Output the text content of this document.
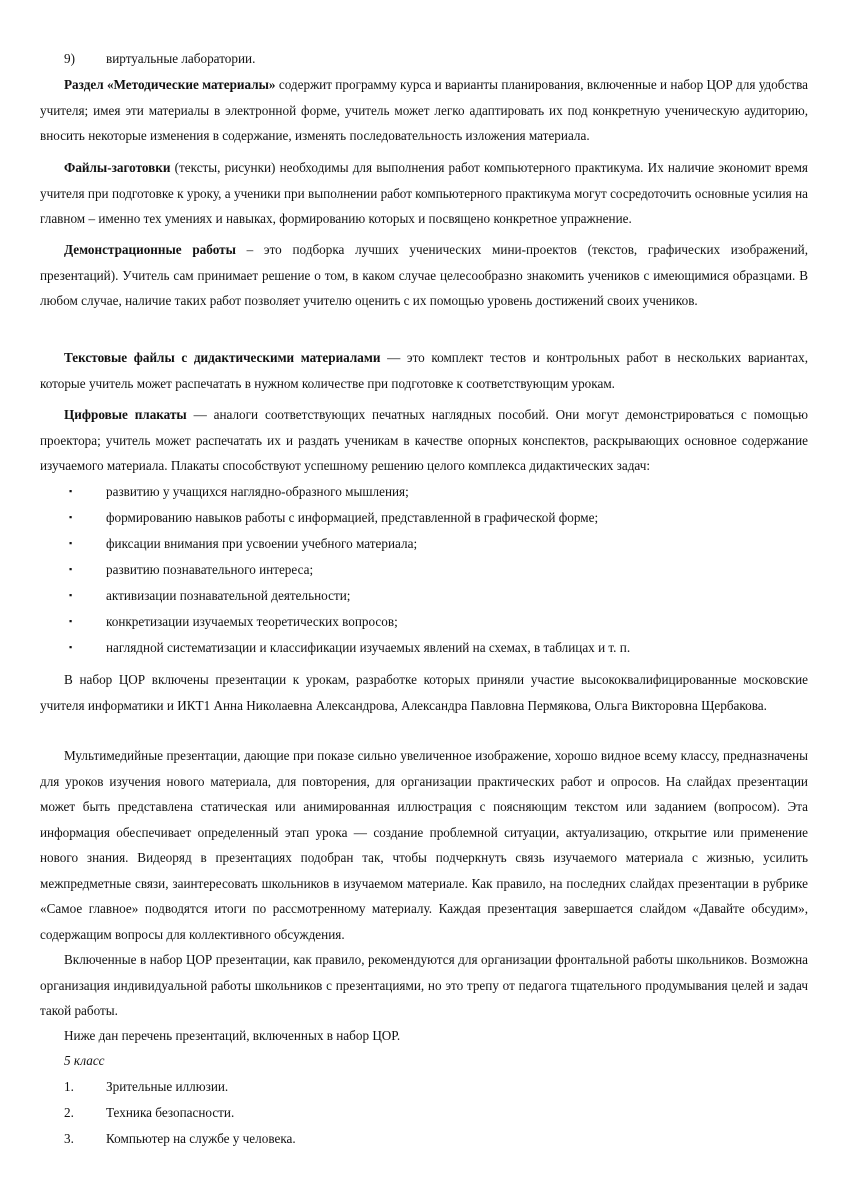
9) виртуальные лаборатории.

Раздел «Методические материалы» содержит программу курса и варианты планирования, включенные и набор ЦОР для удобства учителя; имея эти материалы в электронной форме, учитель может легко адаптировать их под конкретную ученическую аудиторию, вносить некоторые изменения в содержание, изменять последовательность изложения материала.

Файлы-заготовки (тексты, рисунки) необходимы для выполнения работ компьютерного практикума. Их наличие экономит время учителя при подготовке к уроку, а ученики при выполнении работ компьютерного практикума могут сосредоточить основные усилия на главном – именно тех умениях и навыках, формированию которых и посвящено конкретное упражнение.

Демонстрационные работы – это подборка лучших ученических мини-проектов (текстов, графических изображений, презентаций). Учитель сам принимает решение о том, в каком случае целесообразно знакомить учеников с имеющимися образцами. В любом случае, наличие таких работ позволяет учителю оценить с их помощью уровень достижений своих учеников.

Текстовые файлы с дидактическими материалами — это комплект тестов и контрольных работ в нескольких вариантах, которые учитель может распечатать в нужном количестве при подготовке к соответствующим урокам.

Цифровые плакаты — аналоги соответствующих печатных наглядных пособий. Они могут демонстрироваться с помощью проектора; учитель может распечатать их и раздать ученикам в качестве опорных конспектов, раскрывающих основное содержание изучаемого материала. Плакаты способствуют успешному решению целого комплекса дидактических задач:

▪	развитию у учащихся наглядно-образного мышления;
▪	формированию навыков работы с информацией, представленной в графической форме;
▪	фиксации внимания при усвоении учебного материала;
▪	развитию познавательного интереса;
▪	активизации познавательной деятельности;
▪	конкретизации изучаемых теоретических вопросов;
▪	наглядной систематизации и классификации изучаемых явлений на схемах, в таблицах и т. п.

В набор ЦОР включены презентации к урокам, разработке которых приняли участие высококвалифицированные московские учителя информатики и ИКТ1 Анна Николаевна Александрова, Александра Павловна Пермякова, Ольга Викторовна Щербакова.

Мультимедийные презентации, дающие при показе сильно увеличенное изображение, хорошо видное всему классу, предназначены для уроков изучения нового материала, для повторения, для организации практических работ и опросов. На слайдах презентации может быть представлена статическая или анимированная иллюстрация с поясняющим текстом или заданием (вопросом). Эта информация обеспечивает определенный этап урока — создание проблемной ситуации, актуализацию, открытие или применение нового знания. Видеоряд в презентациях подобран так, чтобы подчеркнуть связь изучаемого материала с жизнью, усилить межпредметные связи, заинтересовать школьников в изучаемом материале. Как правило, на последних слайдах презентации в рубрике «Самое главное» подводятся итоги по рассмотренному материалу. Каждая презентация завершается слайдом «Давайте обсудим», содержащим вопросы для коллективного обсуждения.

Включенные в набор ЦОР презентации, как правило, рекомендуются для организации фронтальной работы школьников. Возможна организация индивидуальной работы школьников с презентациями, но это трепу от педагога тщательного продумывания целей и задач такой работы.

Ниже дан перечень презентаций, включенных в набор ЦОР.

5 класс

1. Зрительные иллюзии.
2. Техника безопасности.
3. Компьютер на службе у человека.
